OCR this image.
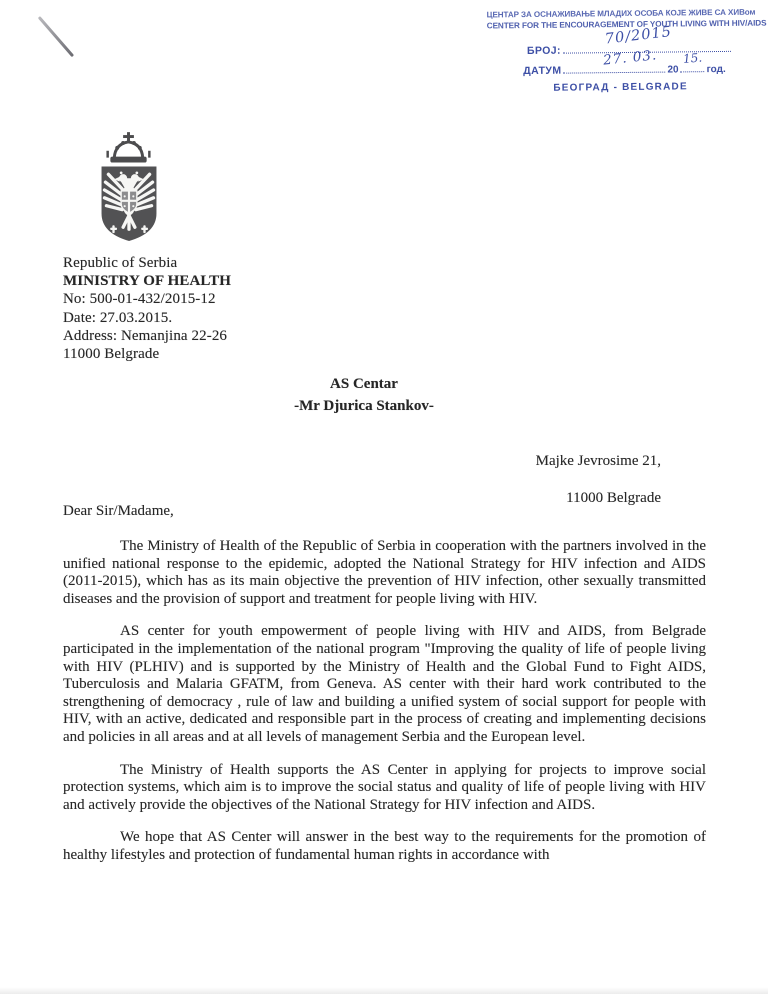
ЦЕНТАР ЗА ОСНАЖИВАЊЕ МЛАДИХ ОСОБА КОЈЕ ЖИВЕ СА ХИВом
CENTER FOR THE ENCOURAGEMENT OF YOUTH LIVING WITH HIV/AIDS
БРОЈ:
70/2015
ДАТУМ
27. 03.
20
15.
год.
БЕОГРАД - BELGRADE
Republic of Serbia
MINISTRY OF HEALTH
No: 500-01-432/2015-12
Date: 27.03.2015.
Address: Nemanjina 22-26
11000 Belgrade
AS Centar
-Mr Djurica Stankov-
Majke Jevrosime 21,
11000 Belgrade
Dear Sir/Madame,

The Ministry of Health of the Republic of Serbia in cooperation with the partners involved in the unified national response to the epidemic, adopted the National Strategy for HIV infection and AIDS (2011-2015), which has as its main objective the prevention of HIV infection, other sexually transmitted diseases and the provision of support and treatment for people living with HIV.

AS center for youth empowerment of people living with HIV and AIDS, from Belgrade participated in the implementation of the national program "Improving the quality of life of people living with HIV (PLHIV) and is supported by the Ministry of Health and the Global Fund to Fight AIDS, Tuberculosis and Malaria GFATM, from Geneva. AS center with their hard work contributed to the strengthening of democracy , rule of law and building a unified system of social support for people with HIV, with an active, dedicated and responsible part in the process of creating and implementing decisions and policies in all areas and at all levels of management Serbia and the European level.

The Ministry of Health supports the AS Center in applying for projects to improve social protection systems, which aim is to improve the social status and quality of life of people living with HIV and actively provide the objectives of the National Strategy for HIV infection and AIDS.

We hope that AS Center will answer in the best way to the requirements for the promotion of healthy lifestyles and protection of fundamental human rights in accordance with
